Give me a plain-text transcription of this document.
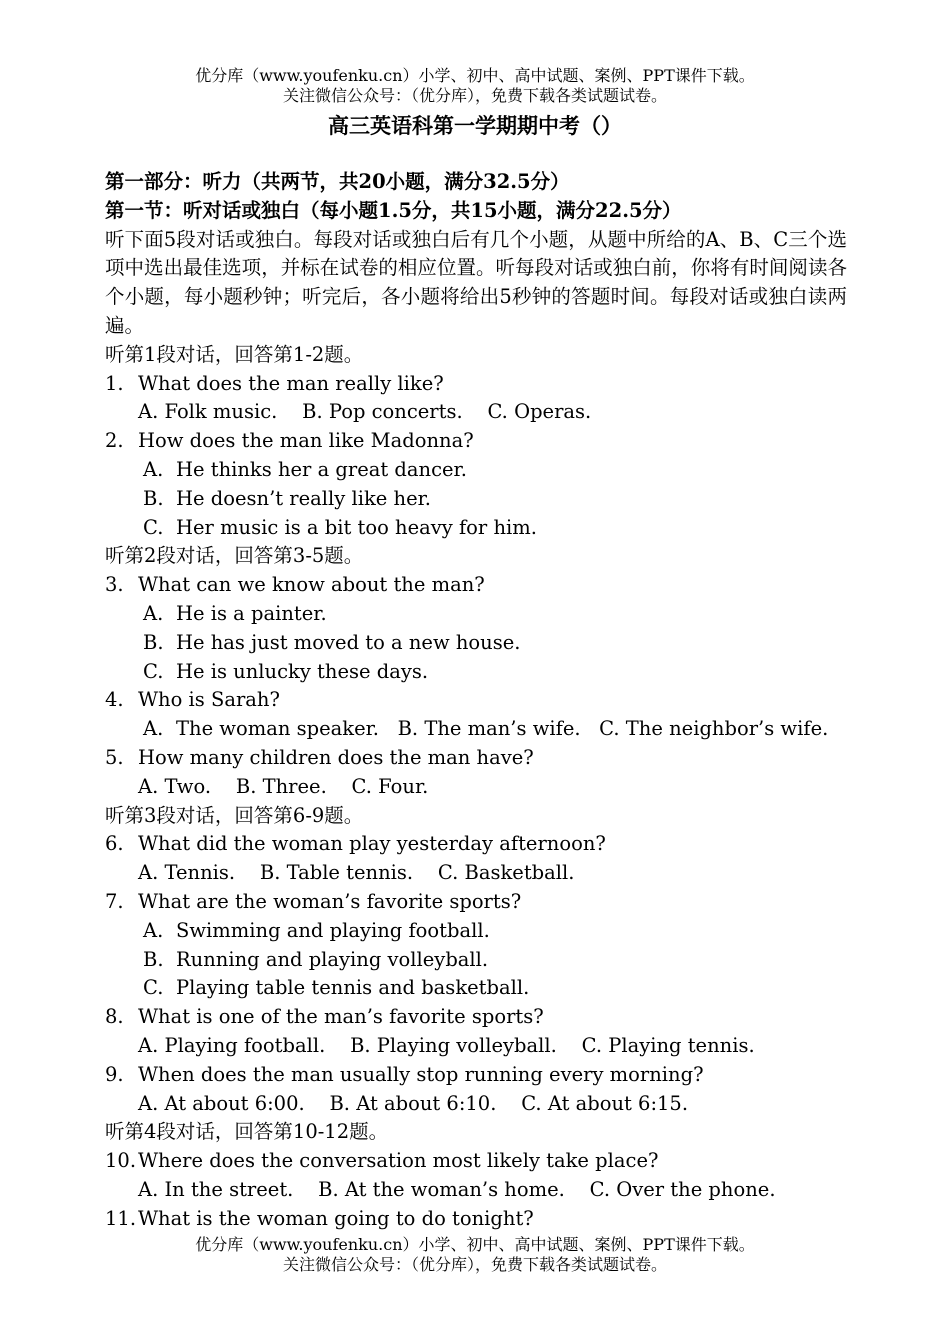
优分库（www.youfenku.cn）小学、初中、高中试题、案例、PPT课件下载。
关注微信公众号：（优分库），免费下载各类试题试卷。
高三英语科第一学期期中考（）
第一部分：听力（共两节，共20小题，满分32.5分）
第一节：听对话或独白（每小题1.5分，共15小题，满分22.5分）
听下面5段对话或独白。每段对话或独白后有几个小题，从题中所给的A、B、C三个选项中选出最佳选项，并标在试卷的相应位置。听每段对话或独白前，你将有时间阅读各个小题，每小题秒钟；听完后，各小题将给出5秒钟的答题时间。每段对话或独白读两遍。
听第1段对话，回答第1-2题。
1. What does the man really like?
A. Folk music.    B. Pop concerts.    C. Operas.
2. How does the man like Madonna?
A. He thinks her a great dancer.
B. He doesn’t really like her.
C. Her music is a bit too heavy for him.
听第2段对话，回答第3-5题。
3. What can we know about the man?
A. He is a painter.
B. He has just moved to a new house.
C. He is unlucky these days.
4. Who is Sarah?
A. The woman speaker.   B. The man’s wife.   C. The neighbor’s wife.
5. How many children does the man have?
A. Two.    B. Three.    C. Four.
听第3段对话，回答第6-9题。
6. What did the woman play yesterday afternoon?
A. Tennis.    B. Table tennis.    C. Basketball.
7. What are the woman’s favorite sports?
A. Swimming and playing football.
B. Running and playing volleyball.
C. Playing table tennis and basketball.
8. What is one of the man’s favorite sports?
A. Playing football.    B. Playing volleyball.    C. Playing tennis.
9. When does the man usually stop running every morning?
A. At about 6:00.    B. At about 6:10.    C. At about 6:15.
听第4段对话，回答第10-12题。
10. Where does the conversation most likely take place?
A. In the street.    B. At the woman’s home.    C. Over the phone.
11. What is the woman going to do tonight?
优分库（www.youfenku.cn）小学、初中、高中试题、案例、PPT课件下载。
关注微信公众号：（优分库），免费下载各类试题试卷。
